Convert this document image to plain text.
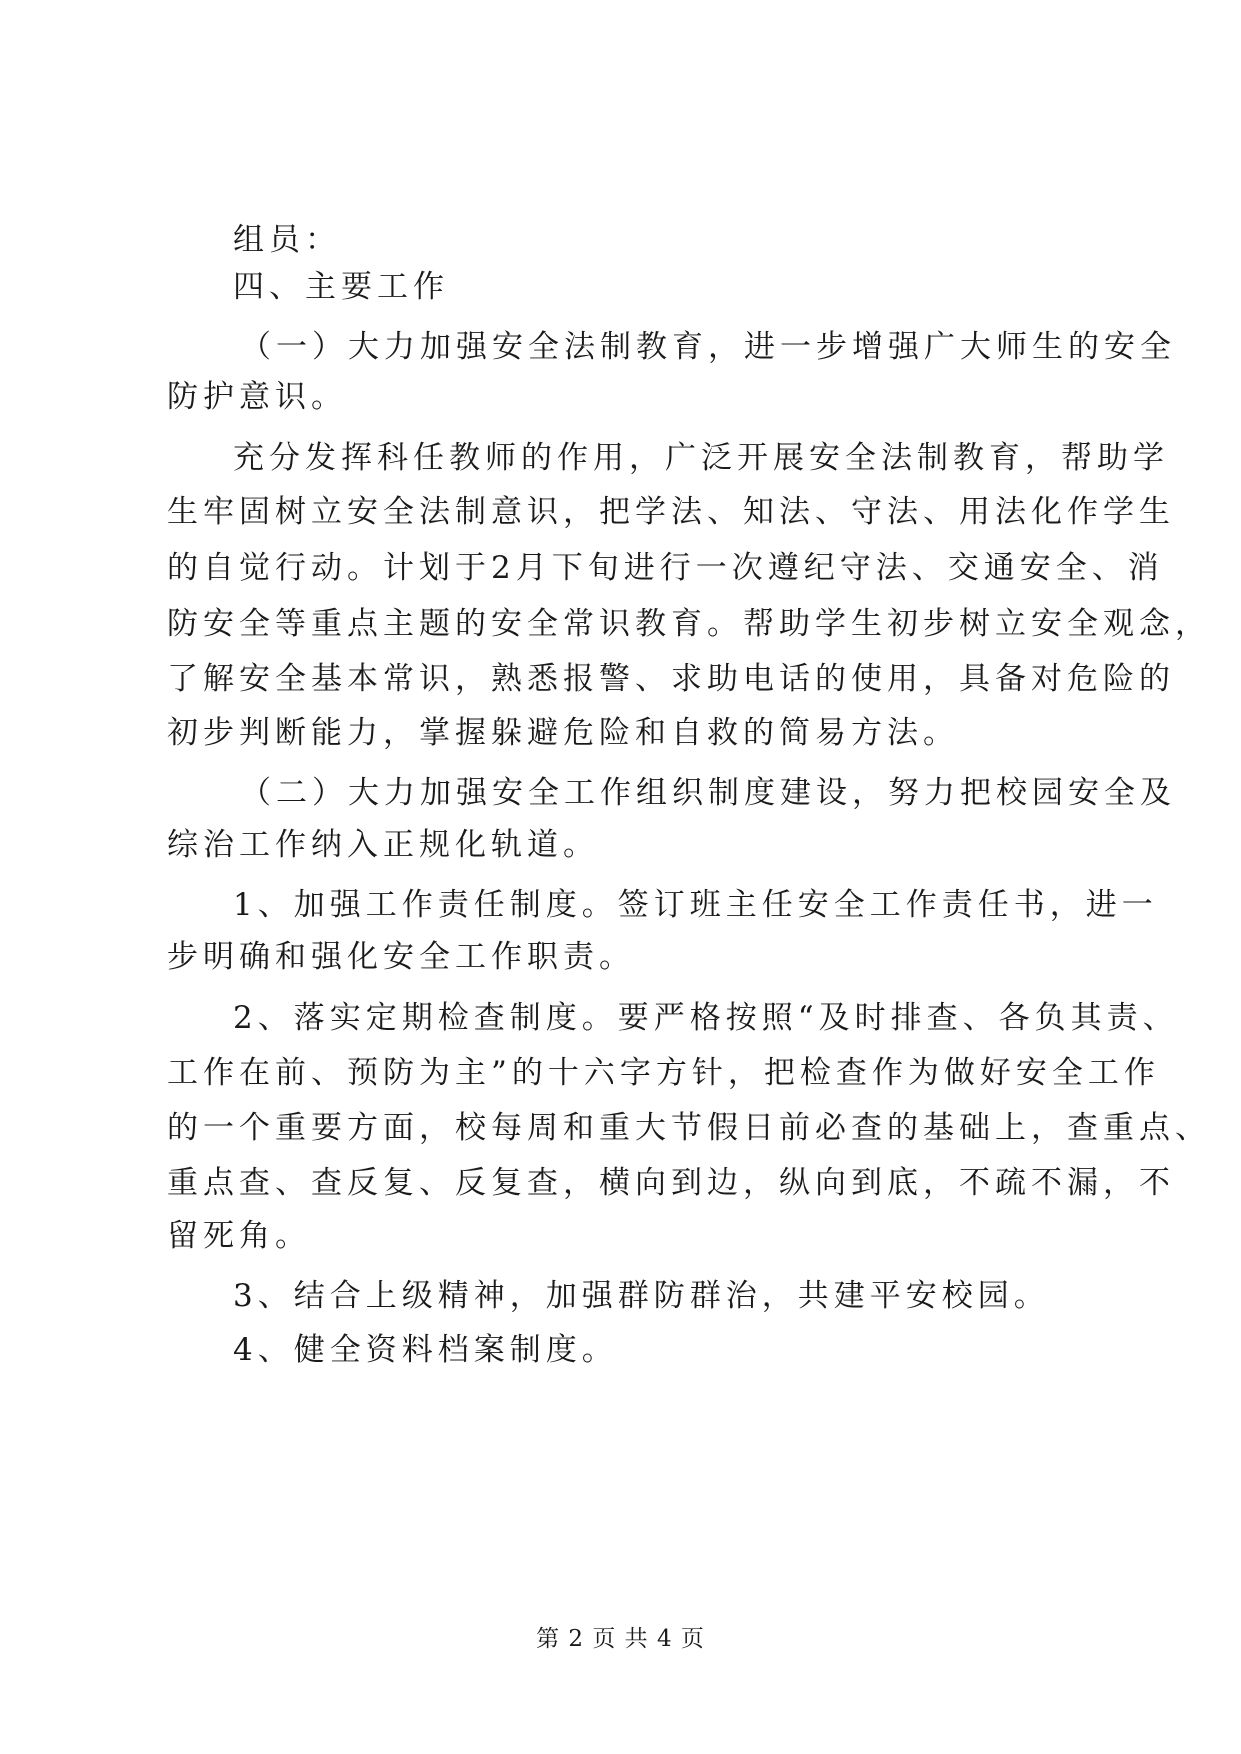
组员：
四、主要工作
（一）大力加强安全法制教育，进一步增强广大师生的安全
防护意识。
充分发挥科任教师的作用，广泛开展安全法制教育，帮助学
生牢固树立安全法制意识，把学法、知法、守法、用法化作学生
的自觉行动。计划于2月下旬进行一次遵纪守法、交通安全、消
防安全等重点主题的安全常识教育。帮助学生初步树立安全观念，
了解安全基本常识，熟悉报警、求助电话的使用，具备对危险的
初步判断能力，掌握躲避危险和自救的简易方法。
（二）大力加强安全工作组织制度建设，努力把校园安全及
综治工作纳入正规化轨道。
1、加强工作责任制度。签订班主任安全工作责任书，进一
步明确和强化安全工作职责。
2、落实定期检查制度。要严格按照“及时排查、各负其责、
工作在前、预防为主”的十六字方针，把检查作为做好安全工作
的一个重要方面，校每周和重大节假日前必查的基础上，查重点、
重点查、查反复、反复查，横向到边，纵向到底，不疏不漏，不
留死角。
3、结合上级精神，加强群防群治，共建平安校园。
4、健全资料档案制度。
第 2 页 共 4 页
